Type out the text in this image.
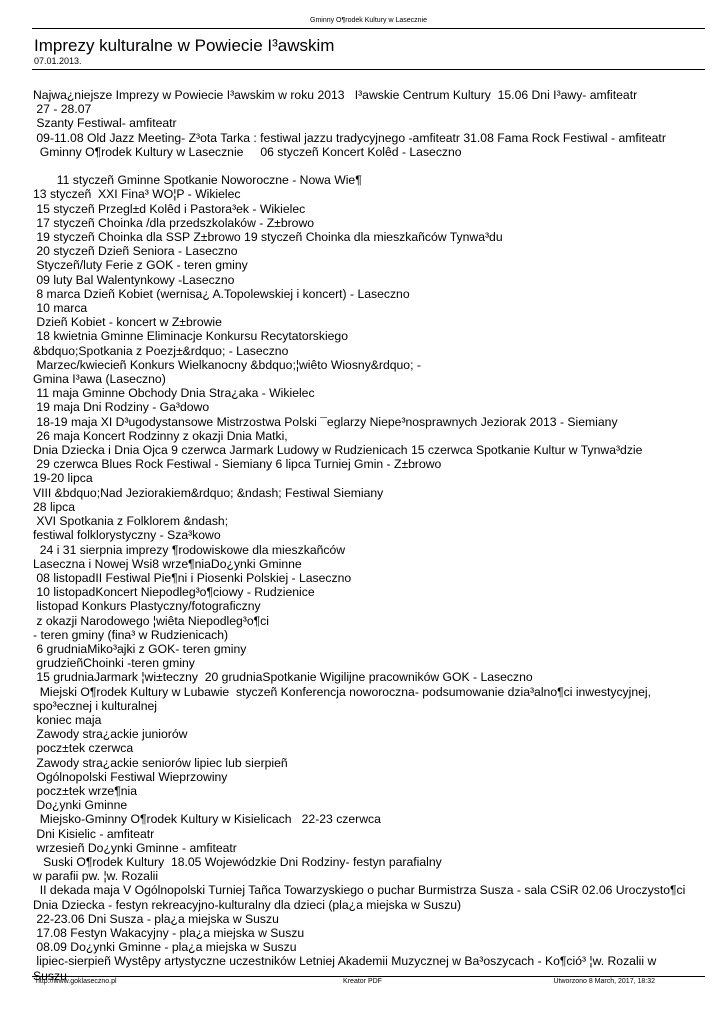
Gminny O¶rodek Kultury w Lasecznie
Imprezy kulturalne w Powiecie I³awskim
07.01.2013.
Najwa¿niejsze Imprezy w Powiecie I³awskim w roku 2013   I³awskie Centrum Kultury  15.06 Dni I³awy- amfiteatr
27 - 28.07
Szanty Festiwal- amfiteatr
09-11.08 Old Jazz Meeting- Z³ota Tarka : festiwal jazzu tradycyjnego -amfiteatr 31.08 Fama Rock Festiwal - amfiteatr
Gminny O¶rodek Kultury w Lasecznie     06 styczeñ Koncert Kolêd - Laseczno

11 styczeñ Gminne Spotkanie Noworoczne - Nowa Wie¶
13 styczeñ  XXI Fina³ WO¦P - Wikielec
15 styczeñ Przegl±d Kolêd i Pastora³ek - Wikielec
17 styczeñ Choinka /dla przedszkolaków - Z±browo
19 styczeñ Choinka dla SSP Z±browo 19 styczeñ Choinka dla mieszkañców Tynwa³du
20 styczeñ Dzieñ Seniora - Laseczno
Styczeñ/luty Ferie z GOK - teren gminy
09 luty Bal Walentynkowy -Laseczno
8 marca Dzieñ Kobiet (wernisa¿ A.Topolewskiej i koncert) - Laseczno
10 marca
Dzieñ Kobiet - koncert w Z±browie
18 kwietnia Gminne Eliminacje Konkursu Recytatorskiego
&bdquo;Spotkania z Poezj±&rdquo; - Laseczno
Marzec/kwiecieñ Konkurs Wielkanocny &bdquo;¦wiêto Wiosny&rdquo; -
Gmina I³awa (Laseczno)
11 maja Gminne Obchody Dnia Stra¿aka - Wikielec
19 maja Dni Rodziny - Ga³dowo
18-19 maja XI D³ugodystansowe Mistrzostwa Polski ¯eglarzy Niepe³nosprawnych Jeziorak 2013 - Siemiany
26 maja Koncert Rodzinny z okazji Dnia Matki,
Dnia Dziecka i Dnia Ojca 9 czerwca Jarmark Ludowy w Rudzienicach 15 czerwca Spotkanie Kultur w Tynwa³dzie
29 czerwca Blues Rock Festiwal - Siemiany 6 lipca Turniej Gmin - Z±browo
19-20 lipca
VIII &bdquo;Nad Jeziorakiem&rdquo; &ndash; Festiwal Siemiany
28 lipca
XVI Spotkania z Folklorem &ndash;
festiwal folklorystyczny - Sza³kowo
24 i 31 sierpnia imprezy ¶rodowiskowe dla mieszkañców
Laseczna i Nowej Wsi8 wrze¶niaDo¿ynki Gminne
08 listopadII Festiwal Pie¶ni i Piosenki Polskiej - Laseczno
10 listopadKoncert Niepodleg³o¶ciowy - Rudzienice
listopad Konkurs Plastyczny/fotograficzny
z okazji Narodowego ¦wiêta Niepodleg³o¶ci
- teren gminy (fina³ w Rudzienicach)
6 grudniaMiko³ajki z GOK- teren gminy
grudzieñChoinki -teren gminy
15 grudniaJarmark ¦wi±teczny  20 grudniaSpotkanie Wigilijne pracowników GOK - Laseczno
Miejski O¶rodek Kultury w Lubawie  styczeñ Konferencja noworoczna- podsumowanie dzia³alno¶ci inwestycyjnej,
spo³ecznej i kulturalnej
koniec maja
Zawody stra¿ackie juniorów
pocz±tek czerwca
Zawody stra¿ackie seniorów lipiec lub sierpieñ
Ogólnopolski Festiwal Wieprzowiny
pocz±tek wrze¶nia
Do¿ynki Gminne
Miejsko-Gminny O¶rodek Kultury w Kisielicach   22-23 czerwca
Dni Kisielic - amfiteatr
wrzesieñ Do¿ynki Gminne - amfiteatr
Suski O¶rodek Kultury  18.05 Wojewódzkie Dni Rodziny- festyn parafialny
w parafii pw. ¦w. Rozalii
II dekada maja V Ogólnopolski Turniej Tañca Towarzyskiego o puchar Burmistrza Susza - sala CSiR 02.06 Uroczysto¶ci
Dnia Dziecka - festyn rekreacyjno-kulturalny dla dzieci (pla¿a miejska w Suszu)
22-23.06 Dni Susza - pla¿a miejska w Suszu
17.08 Festyn Wakacyjny - pla¿a miejska w Suszu
08.09 Do¿ynki Gminne - pla¿a miejska w Suszu
lipiec-sierpieñ Wystêpy artystyczne uczestników Letniej Akademii Muzycznej w Ba³oszycach - Ko¶ció³ ¦w. Rozalii w
Suszu
http://www.goklaseczno.pl	Kreator PDF	Utworzono 8 March, 2017, 18:32
